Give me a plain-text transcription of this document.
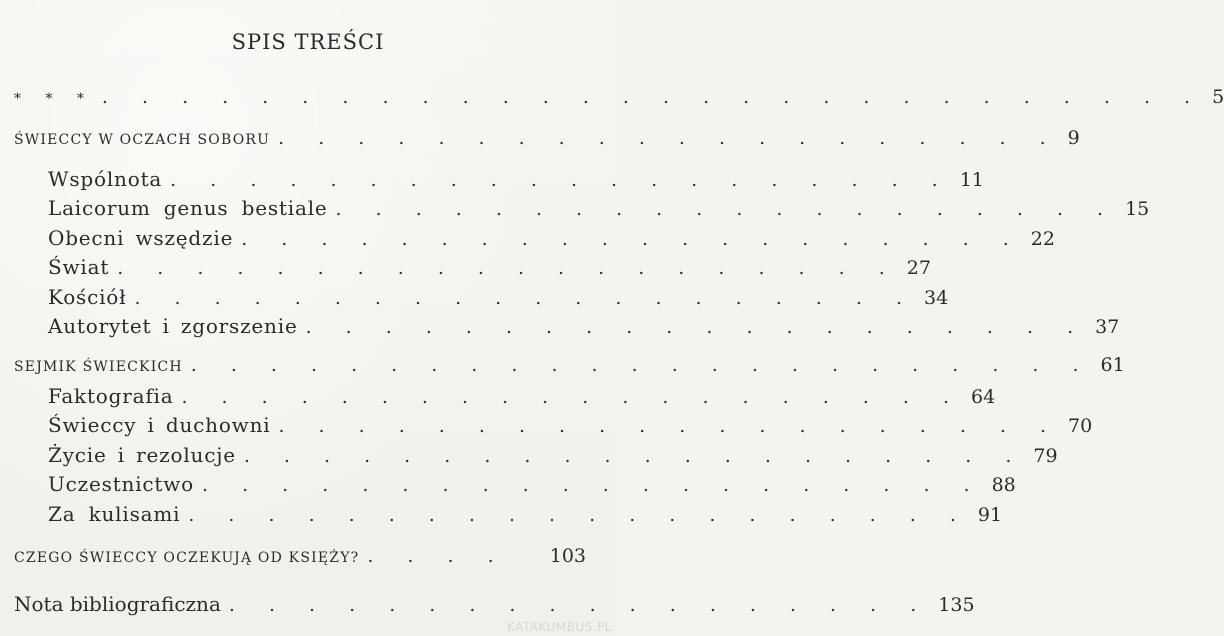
SPIS TREŚCI
* * * . . . . . . . . . . . . . . . . . . . . . . . . . . . . 5
ŚWIECCY W OCZACH SOBORU . . . . . . . . . . . . . . . . . . . . 9
Wspólnota . . . . . . . . . . . . . . . . . . . . 11
Laicorum genus bestiale . . . . . . . . . . . . . . . . . . . . 15
Obecni wszędzie . . . . . . . . . . . . . . . . . . . . 22
Świat . . . . . . . . . . . . . . . . . . . . 27
Kościół . . . . . . . . . . . . . . . . . . . . 34
Autorytet i zgorszenie . . . . . . . . . . . . . . . . . . . . 37
SEJMIK ŚWIECKICH . . . . . . . . . . . . . . . . . . . . . . . 61
Faktografia . . . . . . . . . . . . . . . . . . . . 64
Świeccy i duchowni . . . . . . . . . . . . . . . . . . . . 70
Życie i rezolucje . . . . . . . . . . . . . . . . . . . . 79
Uczestnictwo . . . . . . . . . . . . . . . . . . . . 88
Za kulisami . . . . . . . . . . . . . . . . . . . . 91
CZEGO ŚWIECCY OCZEKUJĄ OD KSIĘŻY? . . . .	103
Nota bibliograficzna . . . . . . . . . . . . . . . . . . 135
KATAKUMBUS.PL
